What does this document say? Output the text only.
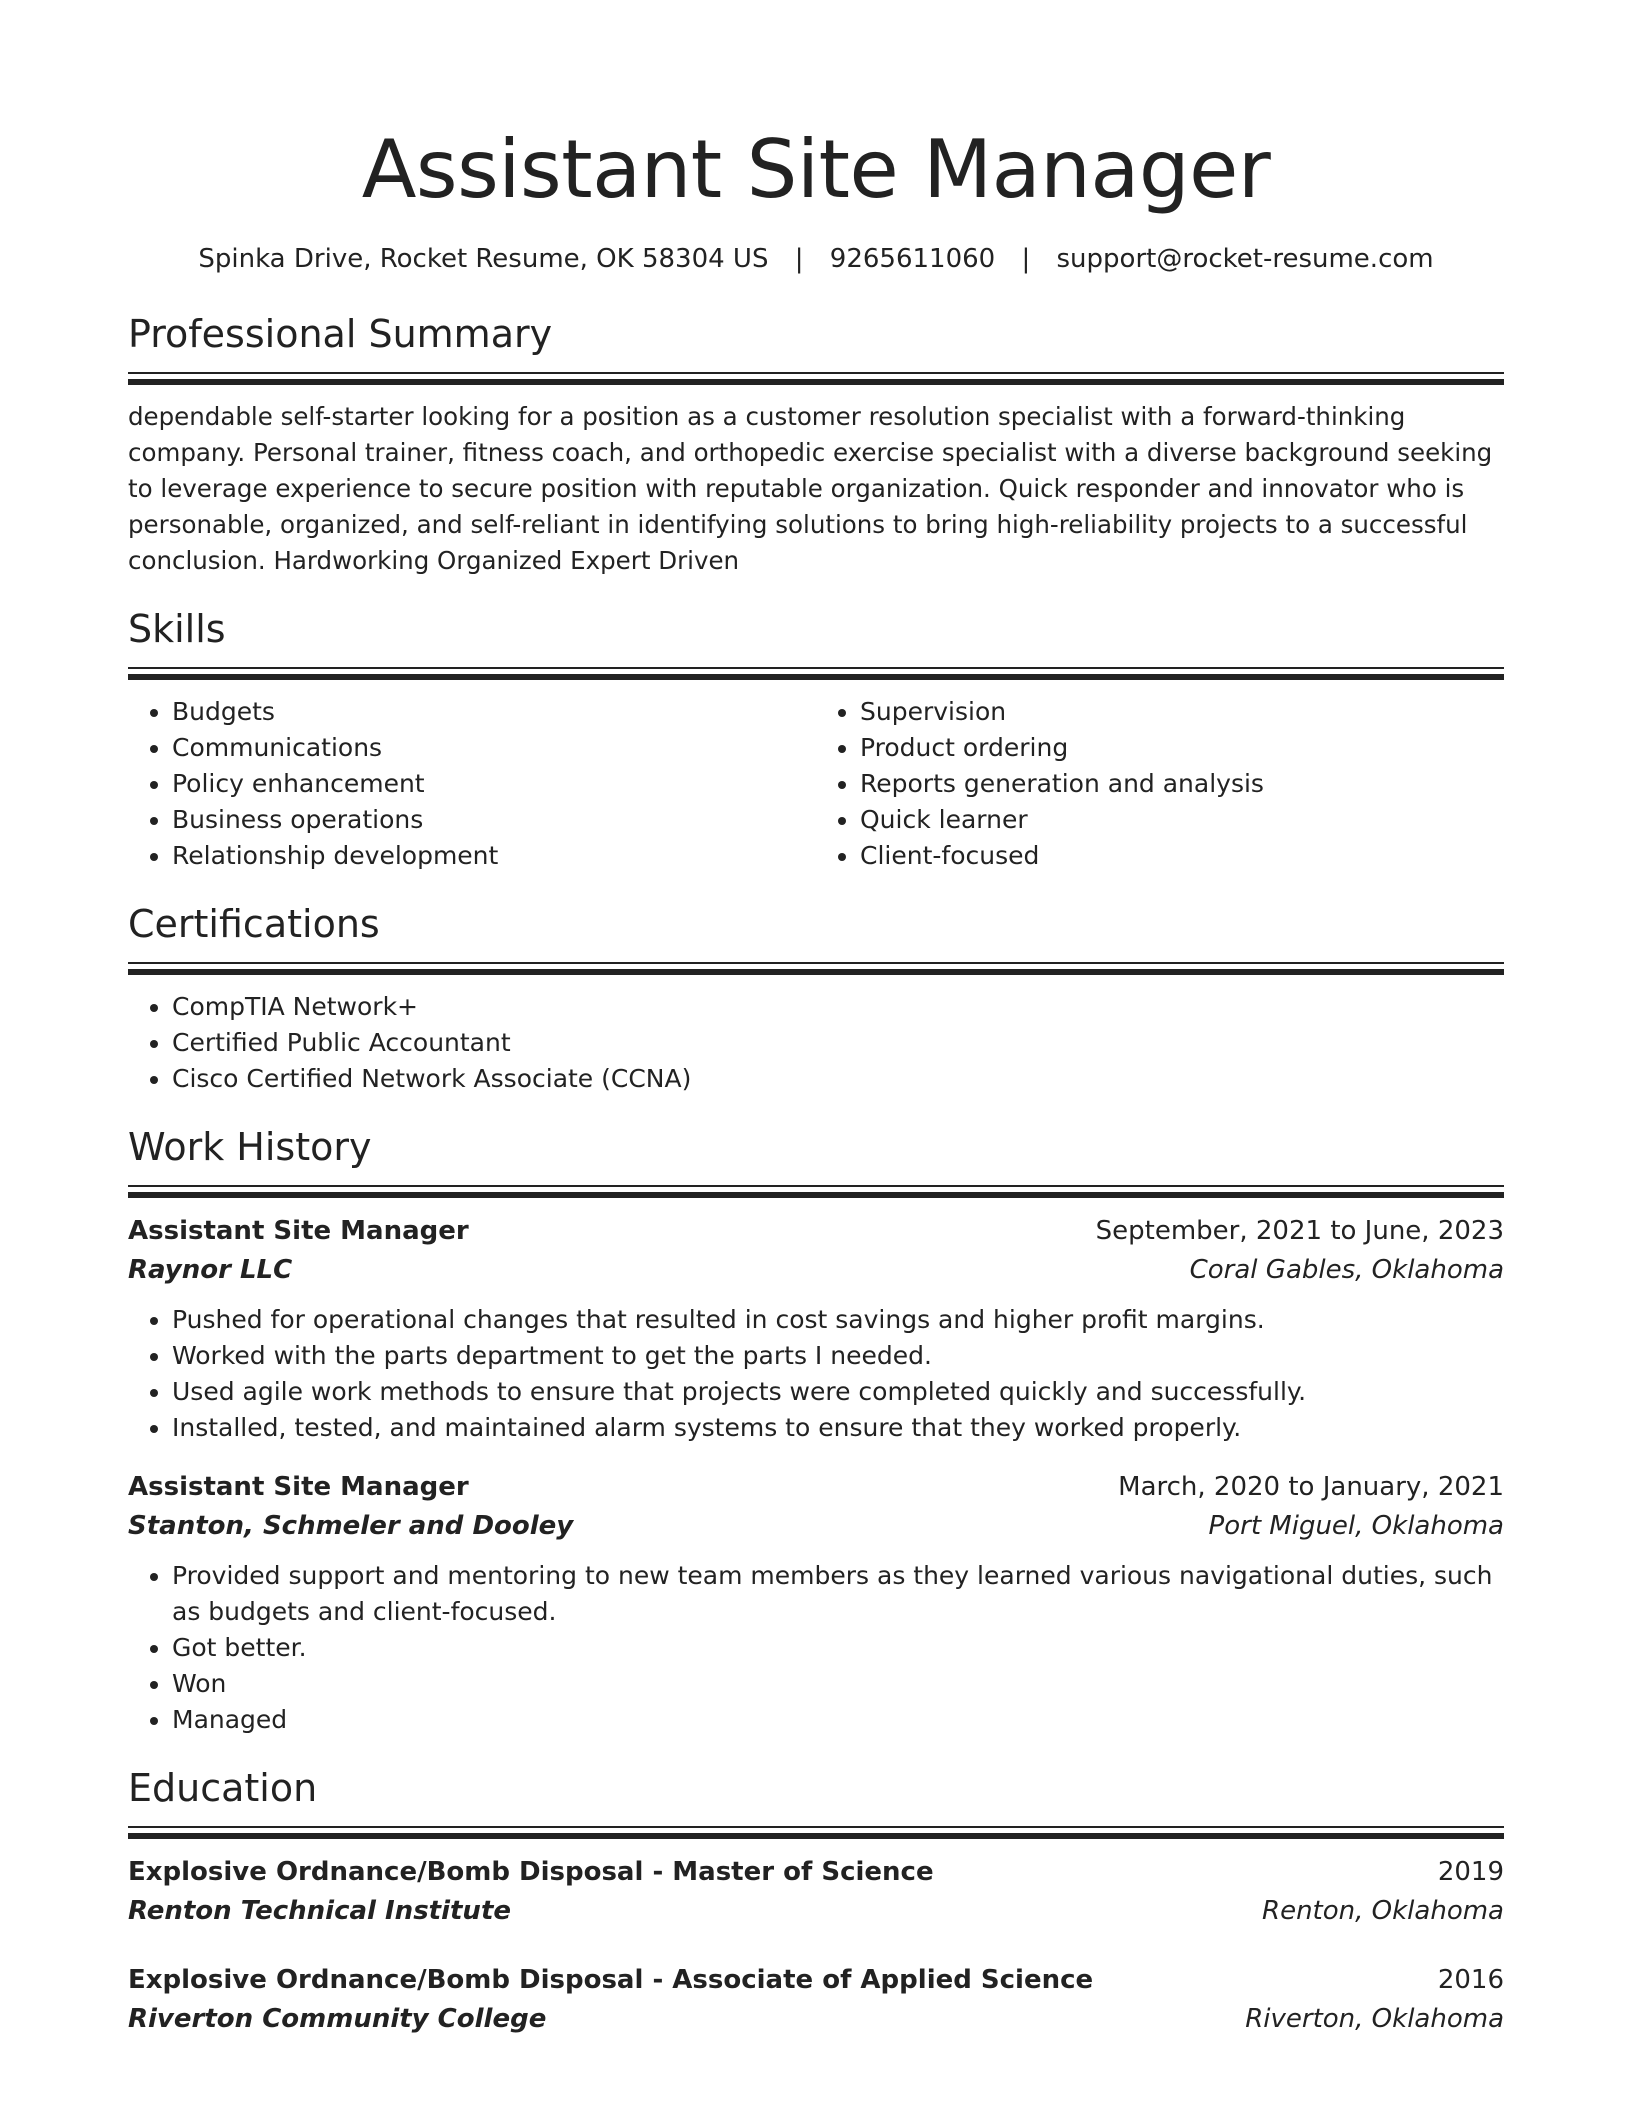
Assistant Site Manager
Spinka Drive, Rocket Resume, OK 58304 US | 9265611060 | support@rocket-resume.com
Professional Summary
dependable self-starter looking for a position as a customer resolution specialist with a forward-thinking company. Personal trainer, fitness coach, and orthopedic exercise specialist with a diverse background seeking to leverage experience to secure position with reputable organization. Quick responder and innovator who is personable, organized, and self-reliant in identifying solutions to bring high-reliability projects to a successful conclusion. Hardworking Organized Expert Driven
Skills
• Budgets
• Communications
• Policy enhancement
• Business operations
• Relationship development
• Supervision
• Product ordering
• Reports generation and analysis
• Quick learner
• Client-focused
Certifications
• CompTIA Network+
• Certified Public Accountant
• Cisco Certified Network Associate (CCNA)
Work History
Assistant Site Manager	September, 2021 to June, 2023
Raynor LLC	Coral Gables, Oklahoma
• Pushed for operational changes that resulted in cost savings and higher profit margins.
• Worked with the parts department to get the parts I needed.
• Used agile work methods to ensure that projects were completed quickly and successfully.
• Installed, tested, and maintained alarm systems to ensure that they worked properly.
Assistant Site Manager	March, 2020 to January, 2021
Stanton, Schmeler and Dooley	Port Miguel, Oklahoma
• Provided support and mentoring to new team members as they learned various navigational duties, such as budgets and client-focused.
• Got better.
• Won
• Managed
Education
Explosive Ordnance/Bomb Disposal - Master of Science	2019
Renton Technical Institute	Renton, Oklahoma
Explosive Ordnance/Bomb Disposal - Associate of Applied Science	2016
Riverton Community College	Riverton, Oklahoma
